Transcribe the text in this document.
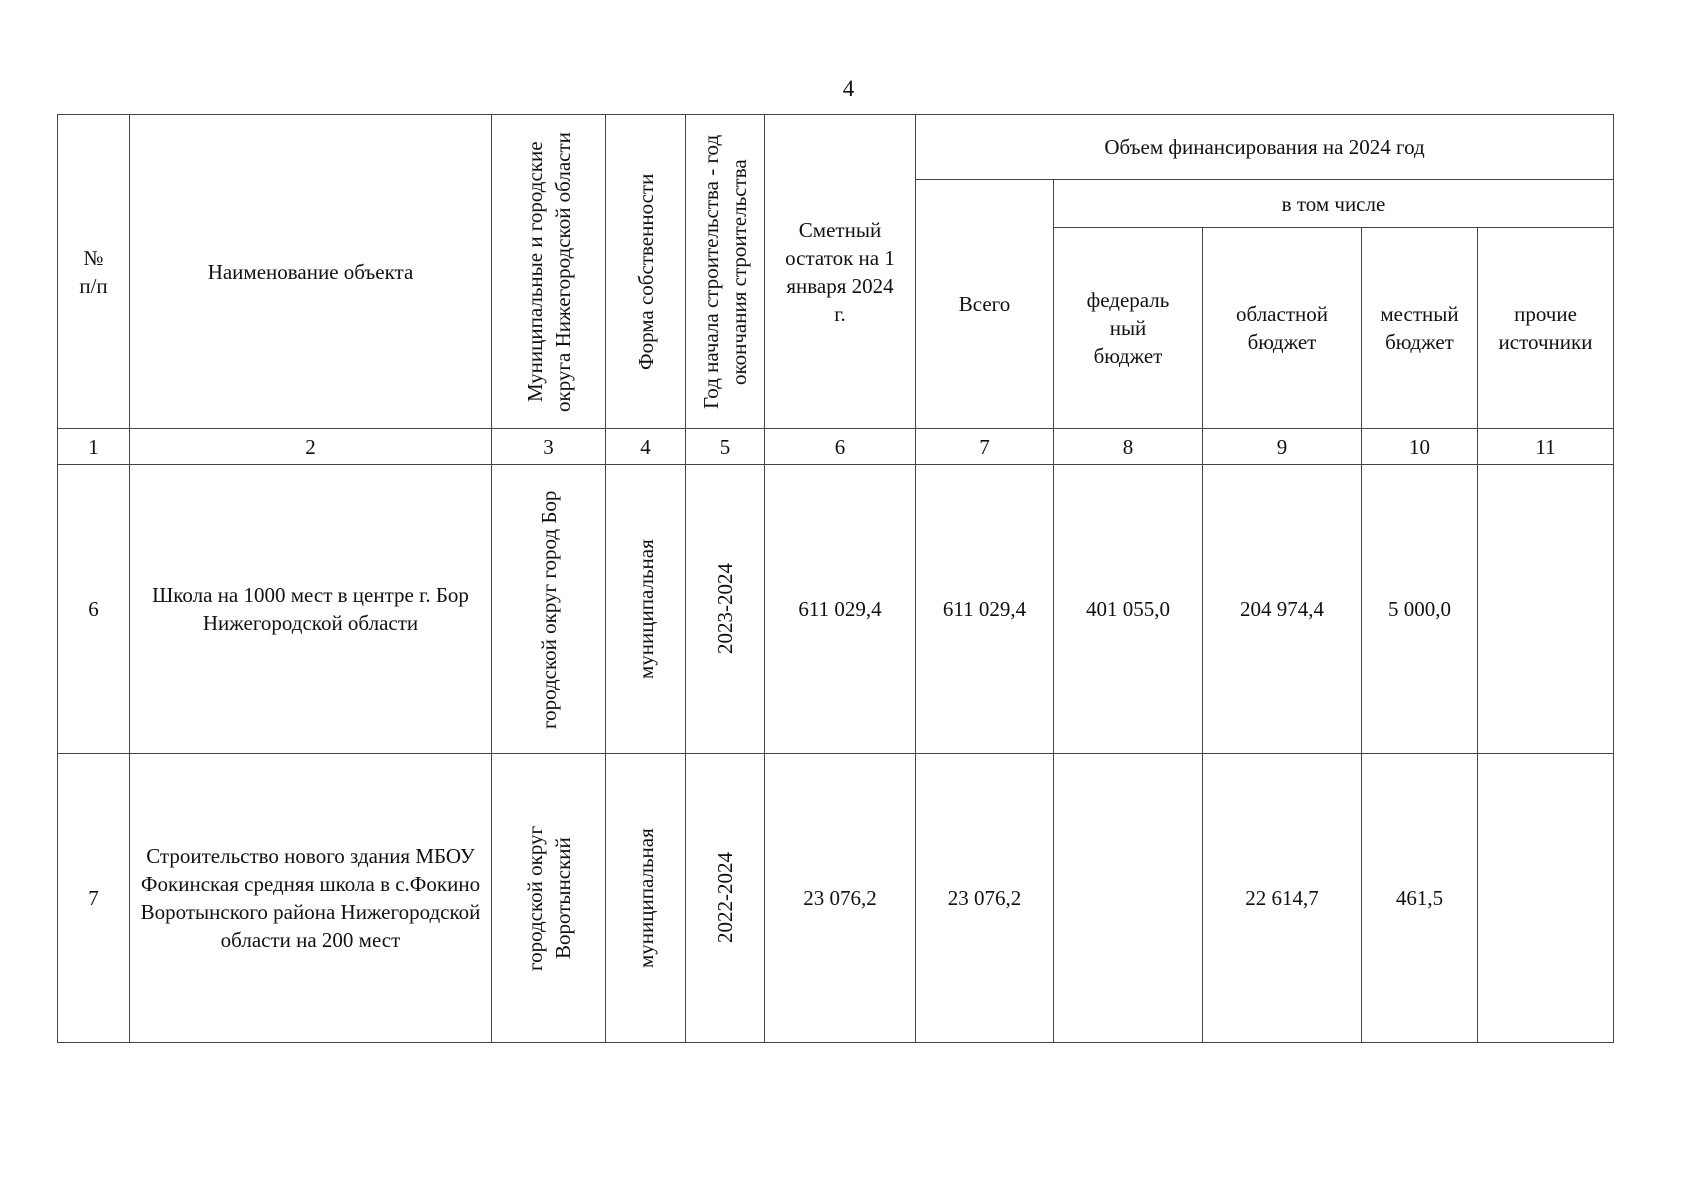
4
№ п/п	Наименование объекта	Муниципальные и городские округа Нижегородской области	Форма собственности	Год начала строительства - год окончания строительства	Сметный остаток на 1 января 2024 г.	Объем финансирования на 2024 год				
						Всего	в том числе			
							федераль ный бюджет	областной бюджет	местный бюджет	прочие источники
1	2	3	4	5	6	7	8	9	10	11
6	Школа на 1000 мест в центре г. Бор Нижегородской области	городской округ город Бор	муниципальная	2023-2024	611 029,4	611 029,4	401 055,0	204 974,4	5 000,0	
7	Строительство нового здания МБОУ Фокинская средняя школа в с.Фокино Воротынского района Нижегородской области на 200 мест	городской округ Воротынский	муниципальная	2022-2024	23 076,2	23 076,2		22 614,7	461,5	
